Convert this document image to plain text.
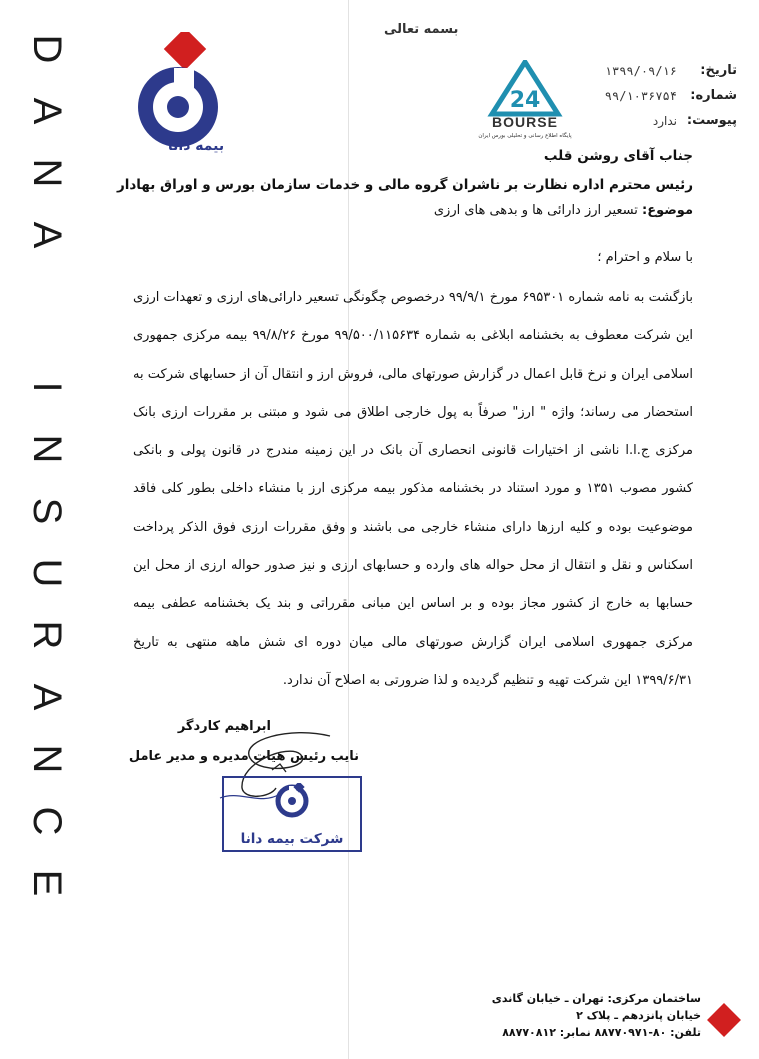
D
A
N
A
I
N
S
U
R
A
N
C
E
بسمه تعالی
بیمه دانا
24
BOURSE
پایگاه اطلاع رسانی و تحلیلی بورس ایران
تاریخ:
۱۳۹۹/۰۹/۱۶
شماره:
۹۹/۱۰۳۶۷۵۴
پیوست:
ندارد

جناب آقای روشن قلب

رئیس محترم اداره نظارت بر ناشران گروه مالی و خدمات سازمان بورس و اوراق بهادار

موضوع: تسعیر ارز دارائی ها و بدهی های ارزی

با سلام و احترام ؛

بازگشت به نامه شماره ۶۹۵۳۰۱ مورخ ۹۹/۹/۱ درخصوص چگونگی تسعیر دارائی‌های ارزی و تعهدات ارزی این شرکت معطوف به بخشنامه ابلاغی به شماره ۹۹/۵۰۰/۱۱۵۶۳۴ مورخ ۹۹/۸/۲۶ بیمه مرکزی جمهوری اسلامی ایران و نرخ قابل اعمال در گزارش صورتهای مالی، فروش ارز و انتقال آن از حسابهای شرکت به استحضار می رساند؛ واژه " ارز" صرفاً به پول خارجی اطلاق می شود و مبتنی بر مقررات ارزی بانک مرکزی ج.ا.ا ناشی از اختیارات قانونی انحصاری آن بانک در این زمینه مندرج در قانون پولی و بانکی کشور مصوب ۱۳۵۱ و مورد استناد در بخشنامه مذکور بیمه مرکزی ارز با منشاء داخلی بطور کلی فاقد موضوعیت بوده و کلیه ارزها دارای منشاء خارجی می باشند و وفق مقررات ارزی فوق الذکر پرداخت اسکناس و نقل و انتقال از محل حواله های وارده و حسابهای ارزی و نیز صدور حواله ارزی از محل این حسابها به خارج از کشور مجاز بوده و بر اساس این مبانی مقرراتی و بند یک بخشنامه عطفی بیمه مرکزی جمهوری اسلامی ایران گزارش صورتهای مالی میان دوره ای شش ماهه منتهی به تاریخ ۱۳۹۹/۶/۳۱ این شرکت تهیه و تنظیم گردیده و لذا ضرورتی به اصلاح آن ندارد.

ابراهیم کاردگر
نایب رئیس هیات مدیره و مدیر عامل
شرکت بیمه دانا
ساختمان مرکزی: تهران ـ خیابان گاندی
خیابان پانزدهم ـ پلاک ۲
تلفن: ۸۰-۸۸۷۷۰۹۷۱ نمابر: ۸۸۷۷۰۸۱۲
